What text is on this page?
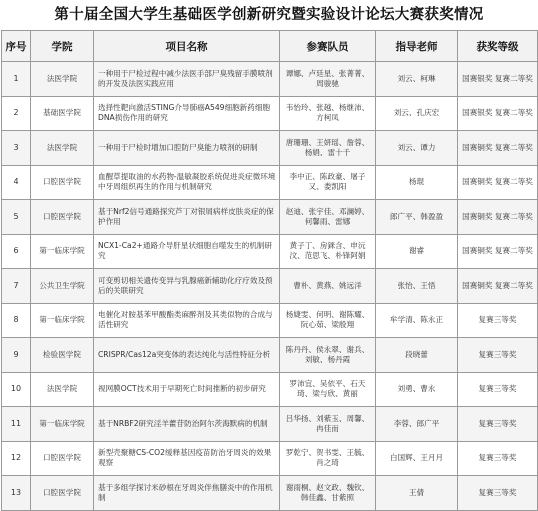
第十届全国大学生基础医学创新研究暨实验设计论坛大赛获奖情况
序号	学院	项目名称	参赛队员	指导老师	获奖等级
1	法医学院	一种用于尸检过程中减少法医手部尸臭残留手膜喷剂的开发及法医实践应用	谭娜、卢廷星、张菁菁、周骏驰	刘云、柯琳	国赛银奖 复赛二等奖
2	基础医学院	选择性靶向激活STING介导肺癌A549细胞新药细胞DNA损伤作用的研究	韦怡玲、张越、杨继沛、方柯凤	刘云、孔庆宏	国赛银奖 复赛二等奖
3	法医学院	一种用于尸检时增加口腔防尸臭能力喷剂的研制	唐珊珊、王妍瑶、詹蓉、杨娟、雷十千	刘云、谭力	国赛铜奖 复赛二等奖
4	口腔医学院	血醒草提取油的水药物-温敏凝胶系统促进炎症微环境中牙周组织再生的作用与机制研究	李中正、陈政豪、屠子又、娄凯阳	杨琨	国赛铜奖 复赛二等奖
5	口腔医学院	基于Nrf2信号通路探究芦丁对银屑病样皮肤炎症的保护作用	赵迪、张宇佳、邓澜婷、何馨雨、雷娜	郎广平、韩盈盈	国赛铜奖 复赛二等奖
6	第一临床学院	NCX1-Ca2+通路介导肝星状细胞自噬发生的机制研究	黄子丁、房銤含、申沅汶、范思飞、朴锋阿娟	谢睿	国赛铜奖 复赛二等奖
7	公共卫生学院	可变剪切相关遗传变异与乳腺癌新辅助化疗疗效及预后的关联研究	曹朴、黄燕、姚远洋	张怡、王悟	国赛铜奖 复赛二等奖
8	第一临床学院	电催化对胺基苯甲酸酯类麻醉剂及其类似物的合成与活性研究	杨婕雯、何明、谢陈耀、阮心茹、梁殷翔	牟学清、陈永正	复赛三等奖
9	检验医学院	CRISPR/Cas12a突变体的表达纯化与活性特征分析	陈丹丹、侯永翠、谢兵、刘敏、杨丹霞	段晓蕾	复赛三等奖
10	法医学院	视网膜OCT技术用于早期死亡时间推断的初步研究	罗沛宜、吴依平、石天琦、梁与欣、黄丽	刘勇、曹永	复赛三等奖
11	第一临床学院	基于NRBF2研究淫羊藿苷防治阿尔茨海默病的机制	吕华扬、刘紫玉、周馨、冉佳而	李蓉、郎广平	复赛三等奖
12	口腔医学院	新型壳聚糖CS-CO2缓释基因疫苗防治牙周炎的效果观察	罗乾宁、贺书雯、王毓、肖之琦	白国辉、王月月	复赛三等奖
13	口腔医学院	基于多组学探讨米砂根在牙周炎伴焦膳炎中的作用机制	谢雨桐、赵文政、魏钦、韩佳鑫、甘紫照	王倩	复赛三等奖
